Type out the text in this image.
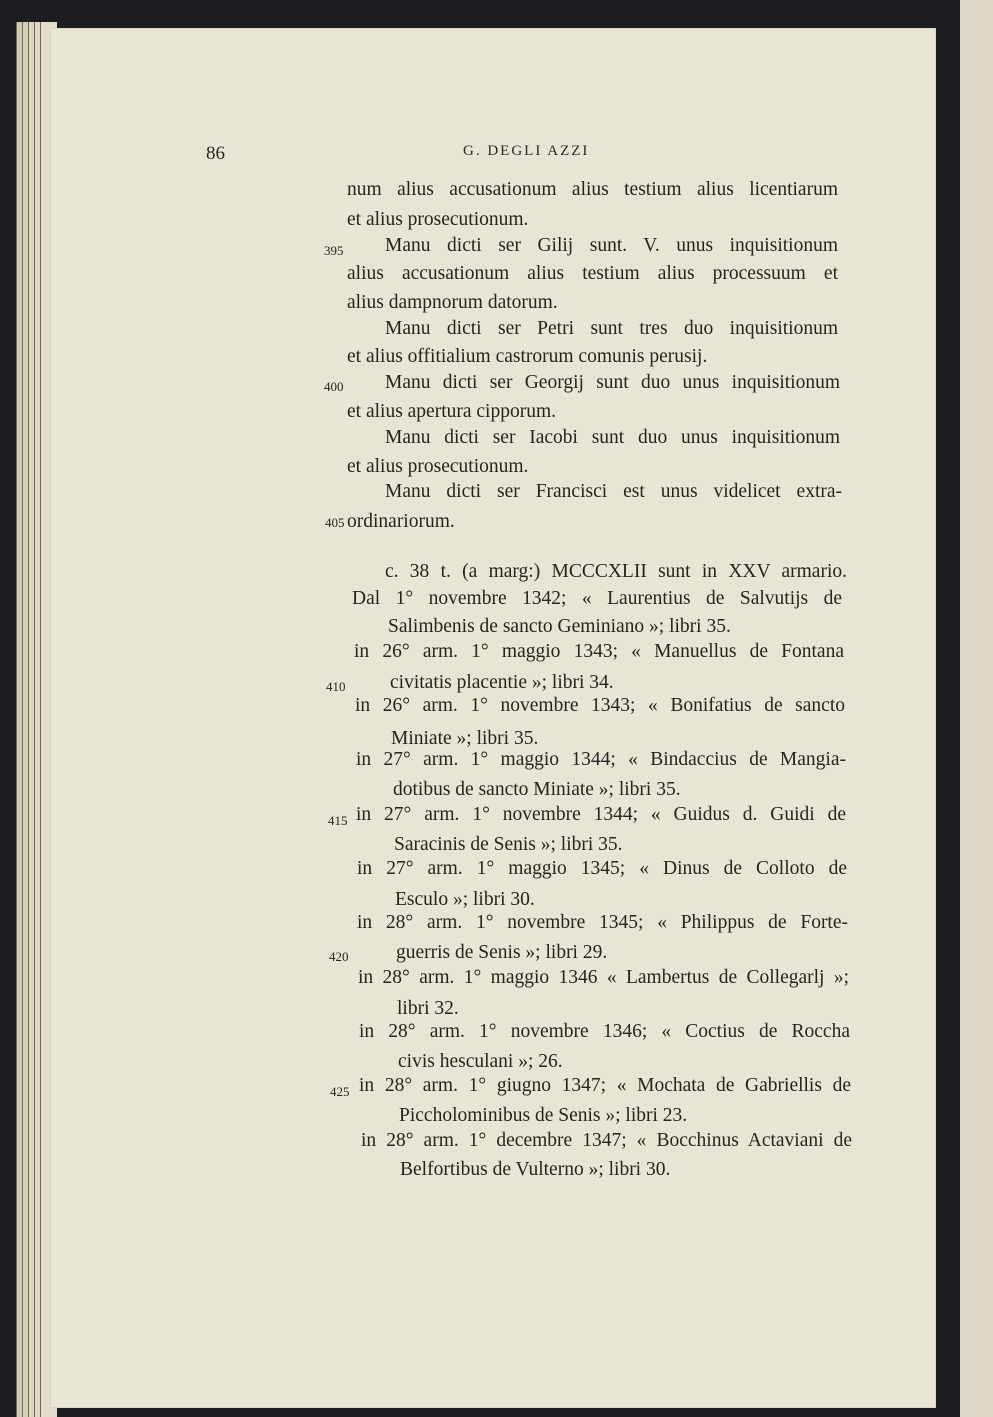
86	G. DEGLI AZZI
num alius accusationum alius testium alius licentiarum
et alius prosecutionum.
Manu dicti ser Gilij sunt. V. unus inquisitionum
alius accusationum alius testium alius processuum et
alius dampnorum datorum.
Manu dicti ser Petri sunt tres duo inquisitionum
et alius offitialium castrorum comunis perusij.
Manu dicti ser Georgij sunt duo unus inquisitionum
et alius apertura cipporum.
Manu dicti ser Iacobi sunt duo unus inquisitionum
et alius prosecutionum.
Manu dicti ser Francisci est unus videlicet extra-
ordinariorum.
c. 38 t. (a marg:) MCCCXLII sunt in XXV armario.
Dal 1° novembre 1342; « Laurentius de Salvutijs de
Salimbenis de sancto Geminiano »; libri 35.
in 26° arm. 1° maggio 1343; « Manuellus de Fontana
civitatis placentie »; libri 34.
in 26° arm. 1° novembre 1343; « Bonifatius de sancto
Miniate »; libri 35.
in 27° arm. 1° maggio 1344; « Bindaccius de Mangia-
dotibus de sancto Miniate »; libri 35.
in 27° arm. 1° novembre 1344; « Guidus d. Guidi de
Saracinis de Senis »; libri 35.
in 27° arm. 1° maggio 1345; « Dinus de Colloto de
Esculo »; libri 30.
in 28° arm. 1° novembre 1345; « Philippus de Forte-
guerris de Senis »; libri 29.
in 28° arm. 1° maggio 1346 « Lambertus de Collegarlj »;
libri 32.
in 28° arm. 1° novembre 1346; « Coctius de Roccha
civis hesculani »; 26.
in 28° arm. 1° giugno 1347; « Mochata de Gabriellis de
Piccholominibus de Senis »; libri 23.
in 28° arm. 1° decembre 1347; « Bocchinus Actaviani de
Belfortibus de Vulterno »; libri 30.
395
400
405
410
415
420
425
